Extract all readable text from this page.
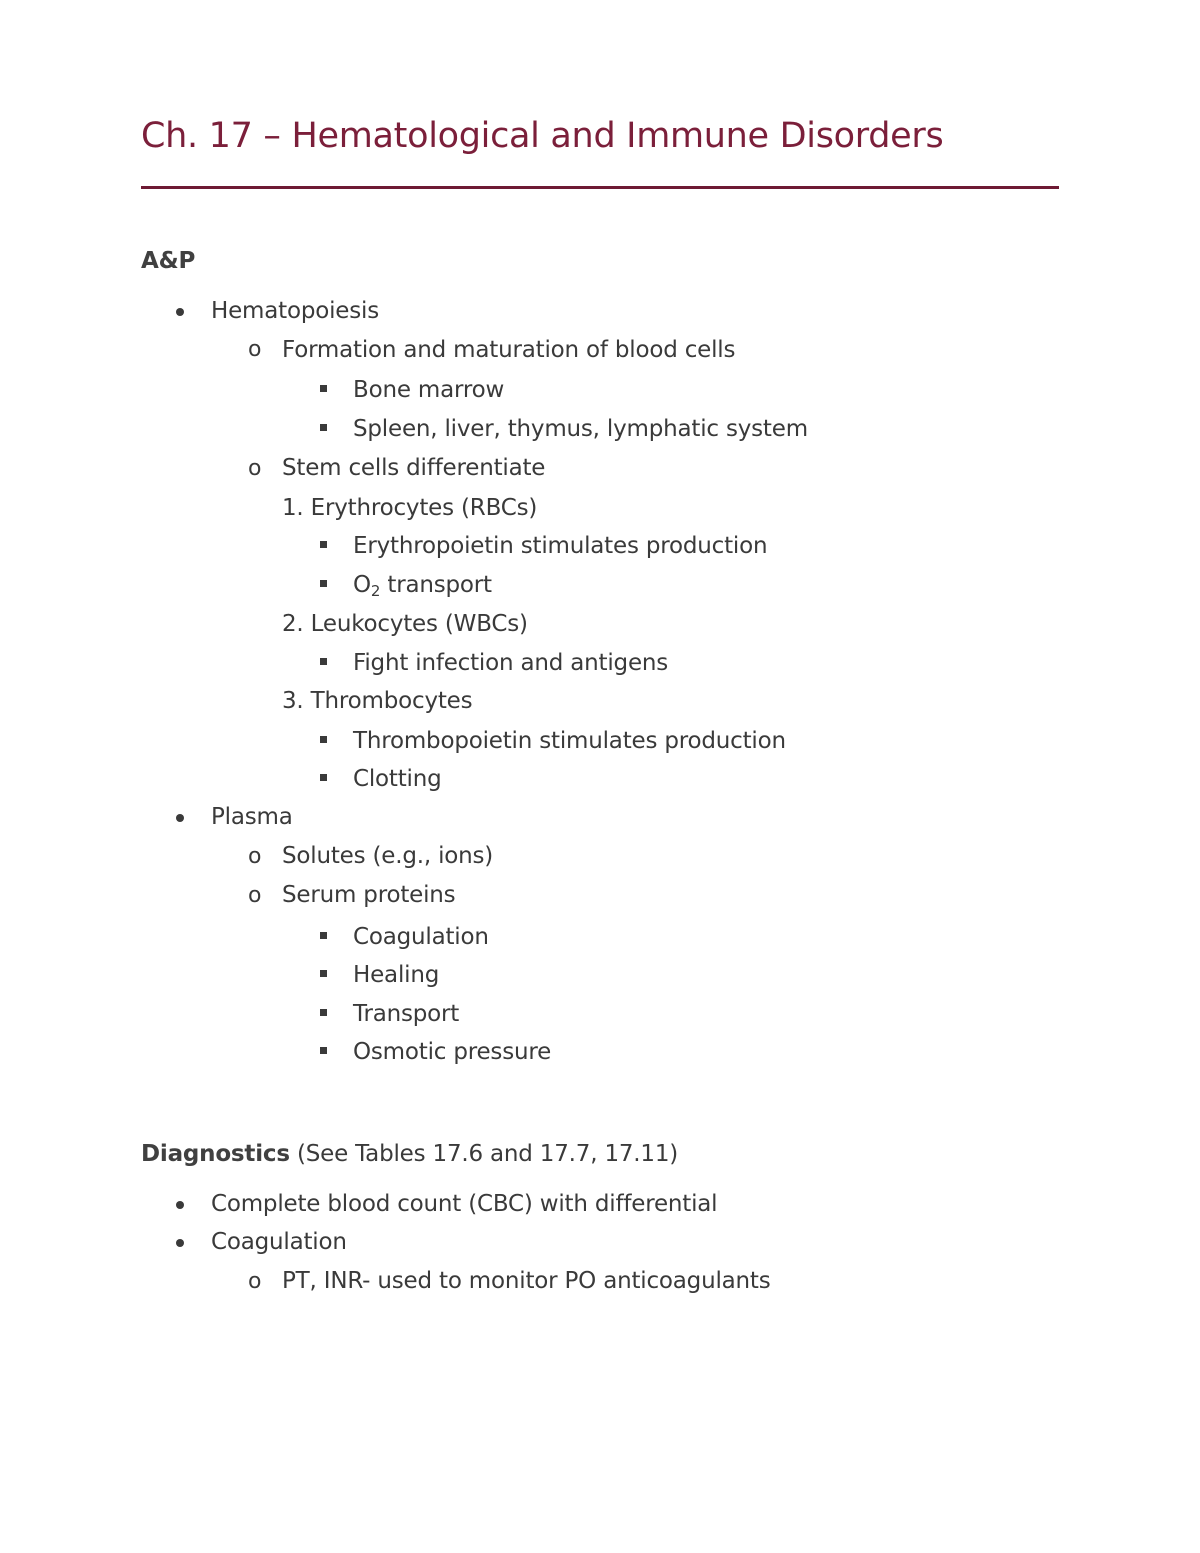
Ch. 17 – Hematological and Immune Disorders
A&P
Hematopoiesis
o Formation and maturation of blood cells
Bone marrow
Spleen, liver, thymus, lymphatic system
o Stem cells differentiate
1. Erythrocytes (RBCs)
Erythropoietin stimulates production
$O_2$ transport
2. Leukocytes (WBCs)
Fight infection and antigens
3. Thrombocytes
Thrombopoietin stimulates production
Clotting
Plasma
o Solutes (e.g., ions)
o Serum proteins
Coagulation
Healing
Transport
Osmotic pressure
Diagnostics (See Tables 17.6 and 17.7, 17.11)
Complete blood count (CBC) with differential
Coagulation
o PT, INR- used to monitor PO anticoagulants
